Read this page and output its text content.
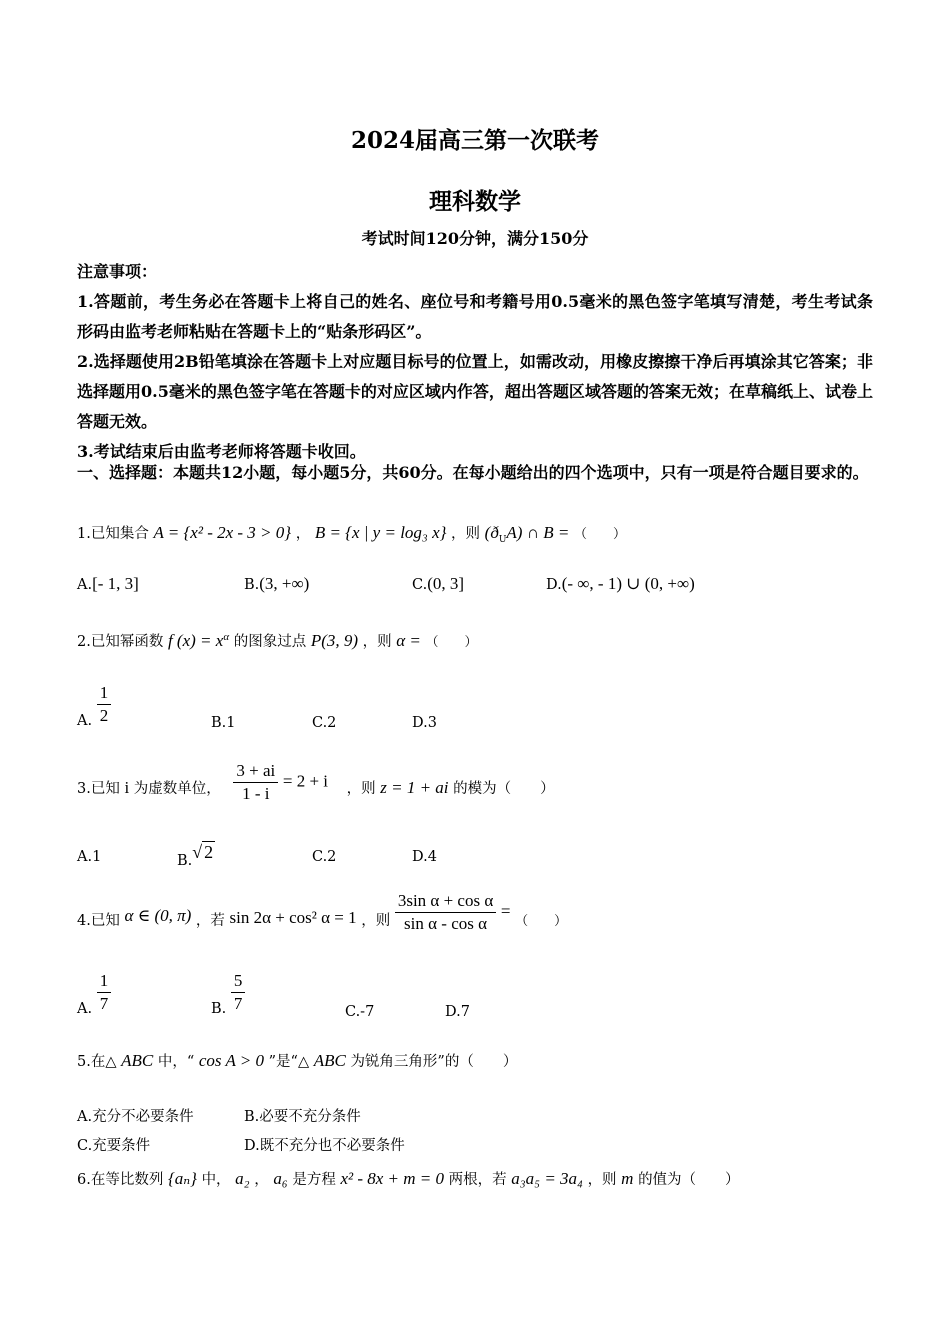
2024届高三第一次联考
理科数学
考试时间120分钟，满分150分

注意事项：

1.答题前，考生务必在答题卡上将自己的姓名、座位号和考籍号用0.5毫米的黑色签字笔填写清楚，考生考试条形码由监考老师粘贴在答题卡上的“贴条形码区”。

2.选择题使用2B铅笔填涂在答题卡上对应题目标号的位置上，如需改动，用橡皮擦擦干净后再填涂其它答案；非选择题用0.5毫米的黑色签字笔在答题卡的对应区域内作答，超出答题区域答题的答案无效；在草稿纸上、试卷上答题无效。

3.考试结束后由监考老师将答题卡收回。

一、选择题：本题共12小题，每小题5分，共60分。在每小题给出的四个选项中，只有一项是符合题目要求的。
1.已知集合 A = {x² - 2x - 3 > 0} ， B = {x | y = log₃ x} ，则 $(ð_UA)$ ∩ B = （　　）
A.[- 1, 3]	B.(3, +∞)	C.(0, 3]	D.(- ∞, - 1) ∪ (0, +∞)
2.已知幂函数 f $(x) = x^\alpha$ 的图象过点 P(3, 9) ，则 α = （　　）
A. $\frac{1}{2}$	B.1	C.2	D.3
3.已知 i 为虚数单位， $\frac{3 + ai}{1 - i} = 2 + i$ ，则 z = 1 + ai 的模为（　　）
A.1	B.√ 2	C.2	D.4
4.已知 α ∈ (0, π) ，若 sin 2α + cos² α = 1 ，则 $\frac{\text{3sin α + cos α}}{\text{sin α - cos α}}$ = （　　）
A. $\frac{1}{7}$	B. $\frac{5}{7}$	C.-7	D.7
5.在△ ABC 中，“ cos A > 0 ”是“△ ABC 为锐角三角形”的（　　）
A.充分不必要条件	B.必要不充分条件
C.充要条件	D.既不充分也不必要条件
6.在等比数列 {aₙ} 中， a₂ ， a₆ 是方程 x² - 8x + m = 0 两根，若 a₃a₅ = 3a₄ ，则 m 的值为（　　）
